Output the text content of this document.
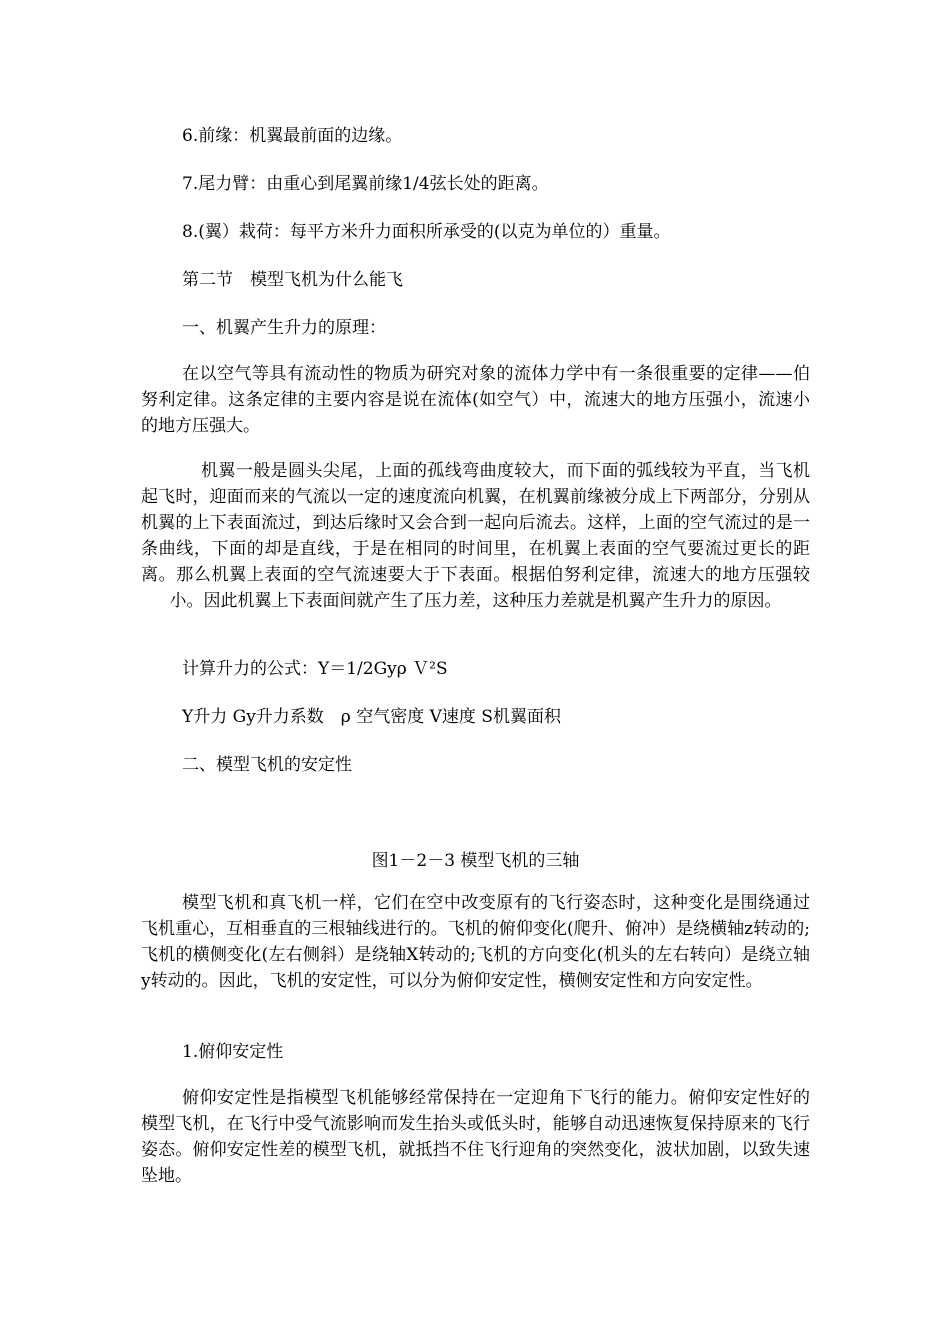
6.前缘：机翼最前面的边缘。

7.尾力臂：由重心到尾翼前缘1/4弦长处的距离。

8.(翼）栽荷：每平方米升力面积所承受的(以克为单位的）重量。

第二节　模型飞机为什么能飞

一、机翼产生升力的原理：

在以空气等具有流动性的物质为研究对象的流体力学中有一条很重要的定律——伯努利定律。这条定律的主要内容是说在流体(如空气）中，流速大的地方压强小，流速小的地方压强大。

机翼一般是圆头尖尾，上面的孤线弯曲度较大，而下面的弧线较为平直，当飞机起飞时，迎面而来的气流以一定的速度流向机翼，在机翼前缘被分成上下两部分，分别从机翼的上下表面流过，到达后缘时又会合到一起向后流去。这样，上面的空气流过的是一条曲线，下面的却是直线，于是在相同的时间里，在机翼上表面的空气要流过更长的距离。那么机翼上表面的空气流速要大于下表面。根据伯努利定律，流速大的地方压强较小。因此机翼上下表面间就产生了压力差，这种压力差就是机翼产生升力的原因。

计算升力的公式：Y＝1/2Gyρ Ｖ²S

Y升力 Gy升力系数　ρ 空气密度 V速度 S机翼面积

二、模型飞机的安定性

图1－2－3 模型飞机的三轴

模型飞机和真飞机一样，它们在空中改变原有的飞行姿态时，这种变化是围绕通过飞机重心，互相垂直的三根轴线进行的。飞机的俯仰变化(爬升、俯冲）是绕横轴z转动的;飞机的横侧变化(左右侧斜）是绕轴X转动的;飞机的方向变化(机头的左右转向）是绕立轴y转动的。因此，飞机的安定性，可以分为俯仰安定性，横侧安定性和方向安定性。

1.俯仰安定性

俯仰安定性是指模型飞机能够经常保持在一定迎角下飞行的能力。俯仰安定性好的模型飞机，在飞行中受气流影响而发生抬头或低头时，能够自动迅速恢复保持原来的飞行姿态。俯仰安定性差的模型飞机，就抵挡不住飞行迎角的突然变化，波状加剧，以致失速坠地。
